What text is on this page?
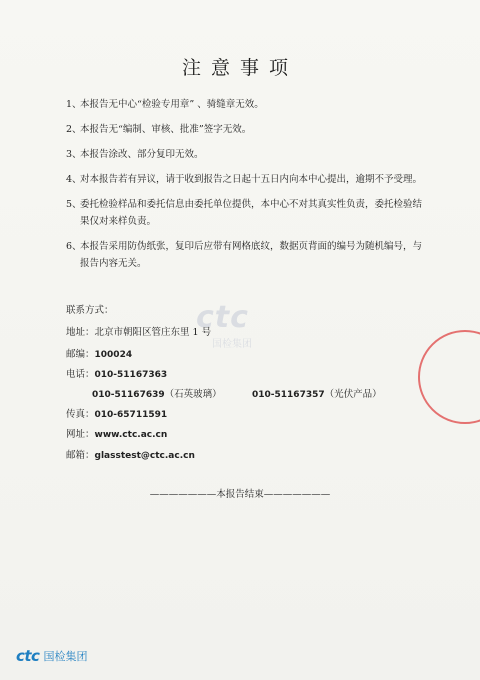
注意事项
1、
本报告无中心“检验专用章” 、骑缝章无效。
2、
本报告无“编制、审核、批准”签字无效。
3、
本报告涂改、部分复印无效。
4、
对本报告若有异议，请于收到报告之日起十五日内向本中心提出，逾期不予受理。
5、
委托检验样品和委托信息由委托单位提供，本中心不对其真实性负责，委托检验结果仅对来样负责。
6、
本报告采用防伪纸张，复印后应带有网格底纹，数据页背面的编号为随机编号，与报告内容无关。
ctc
国检集团
联系方式：
地址：北京市朝阳区管庄东里 1 号
邮编：100024
电话：010-51167363
010-51167639（石英玻璃）	010-51167357（光伏产品）
传真：010-65711591
网址：www.ctc.ac.cn
邮箱：glasstest@ctc.ac.cn
———————本报告结束———————
ctc 国检集团
